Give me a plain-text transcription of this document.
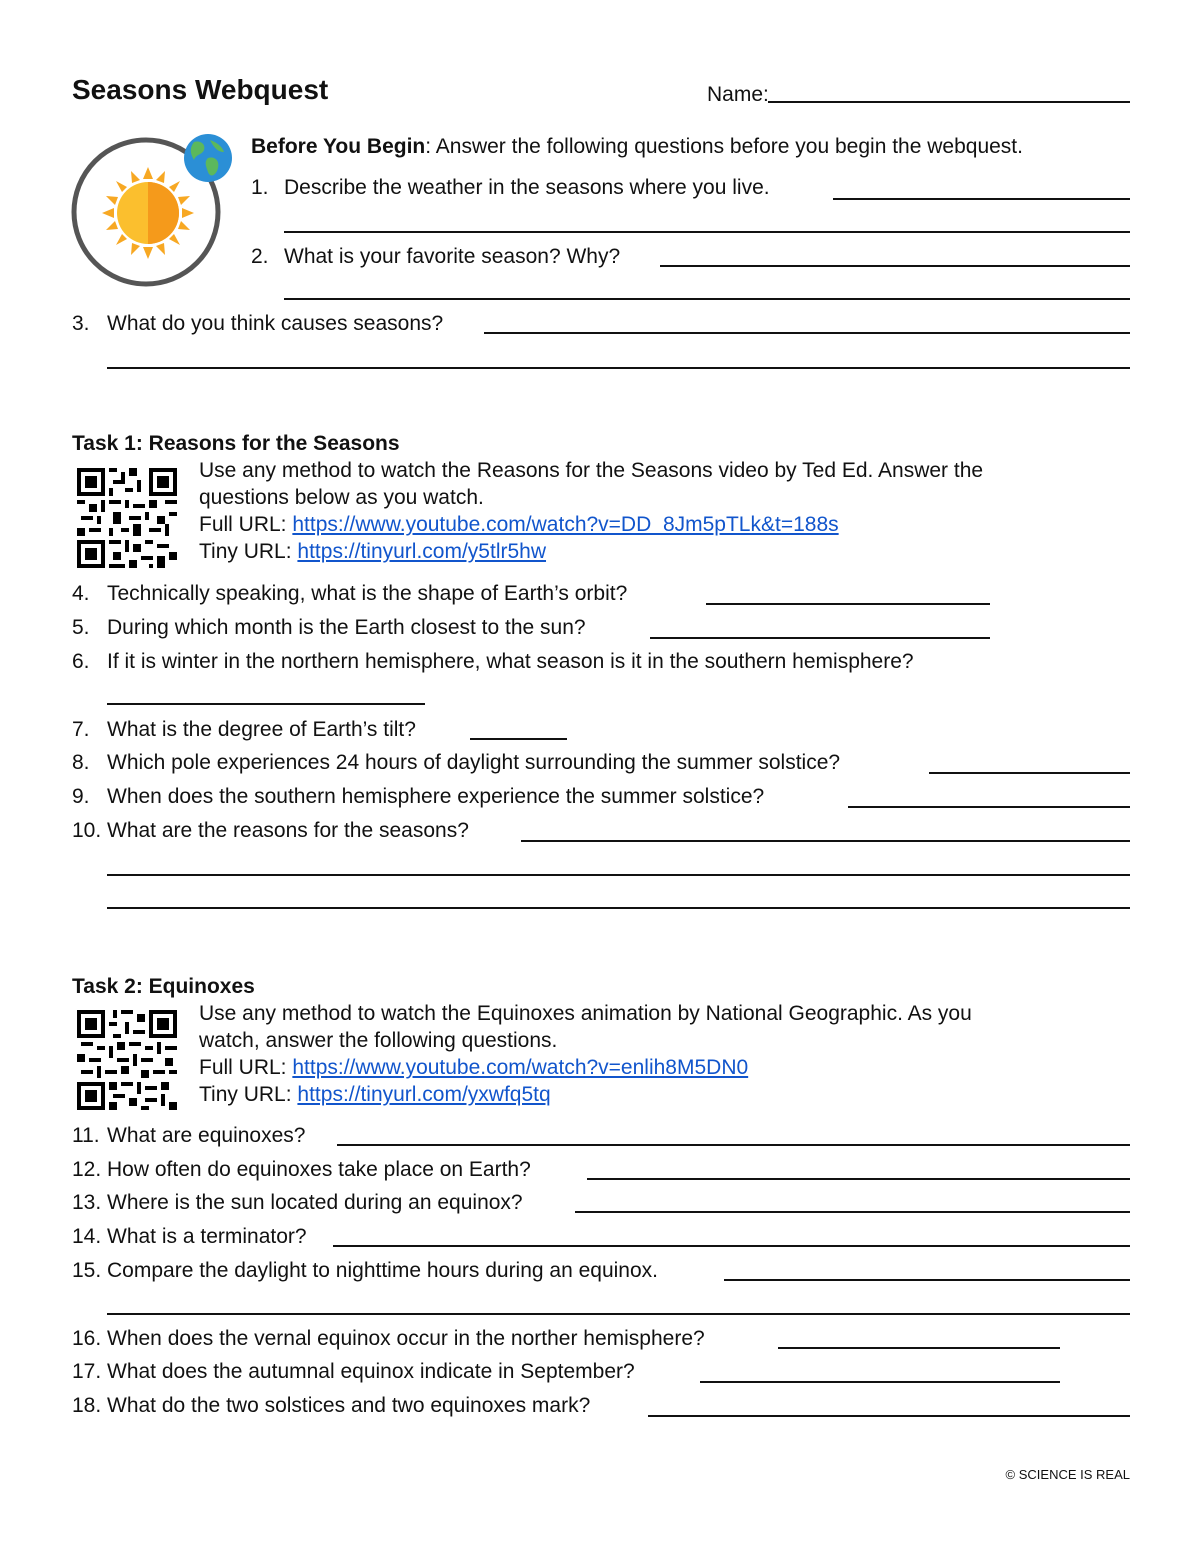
Seasons Webquest	Name:
Before You Begin: Answer the following questions before you begin the webquest.
1. Describe the weather in the seasons where you live.
2. What is your favorite season? Why?
3. What do you think causes seasons?
Task 1: Reasons for the Seasons
Use any method to watch the Reasons for the Seasons video by Ted Ed. Answer the
questions below as you watch.
Full URL: https://www.youtube.com/watch?v=DD_8Jm5pTLk&t=188s
Tiny URL: https://tinyurl.com/y5tlr5hw
4. Technically speaking, what is the shape of Earth’s orbit?
5. During which month is the Earth closest to the sun?
6. If it is winter in the northern hemisphere, what season is it in the southern hemisphere?
7. What is the degree of Earth’s tilt?
8. Which pole experiences 24 hours of daylight surrounding the summer solstice?
9. When does the southern hemisphere experience the summer solstice?
10. What are the reasons for the seasons?
Task 2: Equinoxes
Use any method to watch the Equinoxes animation by National Geographic. As you
watch, answer the following questions.
Full URL: https://www.youtube.com/watch?v=enlih8M5DN0
Tiny URL: https://tinyurl.com/yxwfq5tq
11. What are equinoxes?
12. How often do equinoxes take place on Earth?
13. Where is the sun located during an equinox?
14. What is a terminator?
15. Compare the daylight to nighttime hours during an equinox.
16. When does the vernal equinox occur in the norther hemisphere?
17. What does the autumnal equinox indicate in September?
18. What do the two solstices and two equinoxes mark?
© SCIENCE IS REAL
